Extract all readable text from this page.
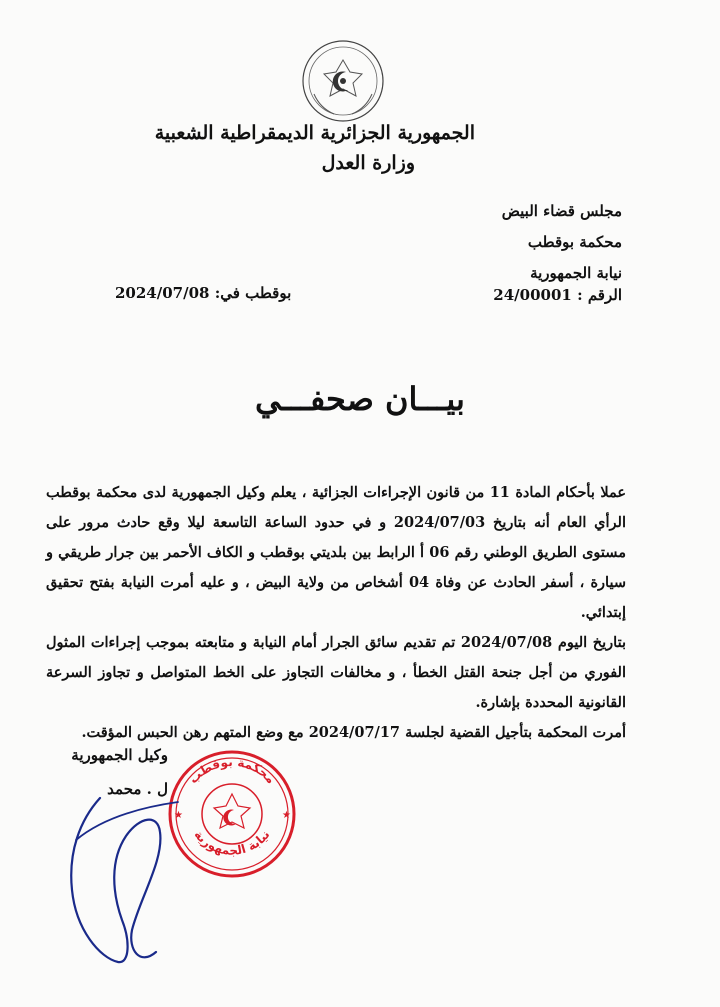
الجمهورية الجزائرية الديمقراطية الشعبية
وزارة العدل
مجلس قضاء البيض
محكمة بوقطب
نيابة الجمهورية
الرقم : 24/00001
بوقطب في: 2024/07/08
بيـــان صحفـــي

عملا بأحكام المادة 11 من قانون الإجراءات الجزائية ، يعلم وكيل الجمهورية لدى محكمة بوقطب الرأي العام أنه بتاريخ 2024/07/03 و في حدود الساعة التاسعة ليلا وقع حادث مرور على مستوى الطريق الوطني رقم 06 أ الرابط بين بلديتي بوقطب و الكاف الأحمر بين جرار طريقي و سيارة ، أسفر الحادث عن وفاة 04 أشخاص من ولاية البيض ، و عليه أمرت النيابة بفتح تحقيق إبتدائي.

بتاريخ اليوم 2024/07/08 تم تقديم سائق الجرار أمام النيابة و متابعته بموجب إجراءات المثول الفوري من أجل جنحة القتل الخطأ ، و مخالفات التجاوز على الخط المتواصل و تجاوز السرعة القانونية المحددة بإشارة.

أمرت المحكمة بتأجيل القضية لجلسة 2024/07/17 مع وضع المتهم رهن الحبس المؤقت.

وكيل الجمهورية
ل . محمد
محكمة بوقطب
نيابة الجمهورية
★	★
